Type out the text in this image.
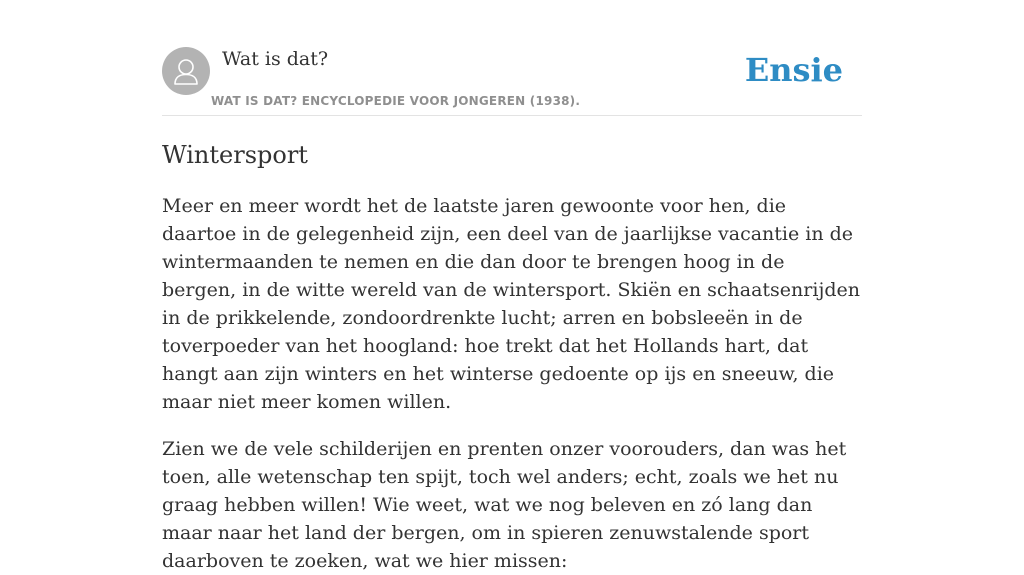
Wat is dat?
WAT IS DAT? ENCYCLOPEDIE VOOR JONGEREN (1938).
Ensie
Wintersport

Meer en meer wordt het de laatste jaren gewoonte voor hen, die daartoe in de gelegenheid zijn, een deel van de jaarlijkse vacantie in de wintermaanden te nemen en die dan door te brengen hoog in de bergen, in de witte wereld van de wintersport. Skiën en schaatsenrijden in de prikkelende, zondoordrenkte lucht; arren en bobsleeën in de toverpoeder van het hoogland: hoe trekt dat het Hollands hart, dat hangt aan zijn winters en het winterse gedoente op ijs en sneeuw, die maar niet meer komen willen.

Zien we de vele schilderijen en prenten onzer voorouders, dan was het toen, alle wetenschap ten spijt, toch wel anders; echt, zoals we het nu graag hebben willen! Wie weet, wat we nog beleven en zó lang dan maar naar het land der bergen, om in spieren zenuwstalende sport daarboven te zoeken, wat we hier missen:
